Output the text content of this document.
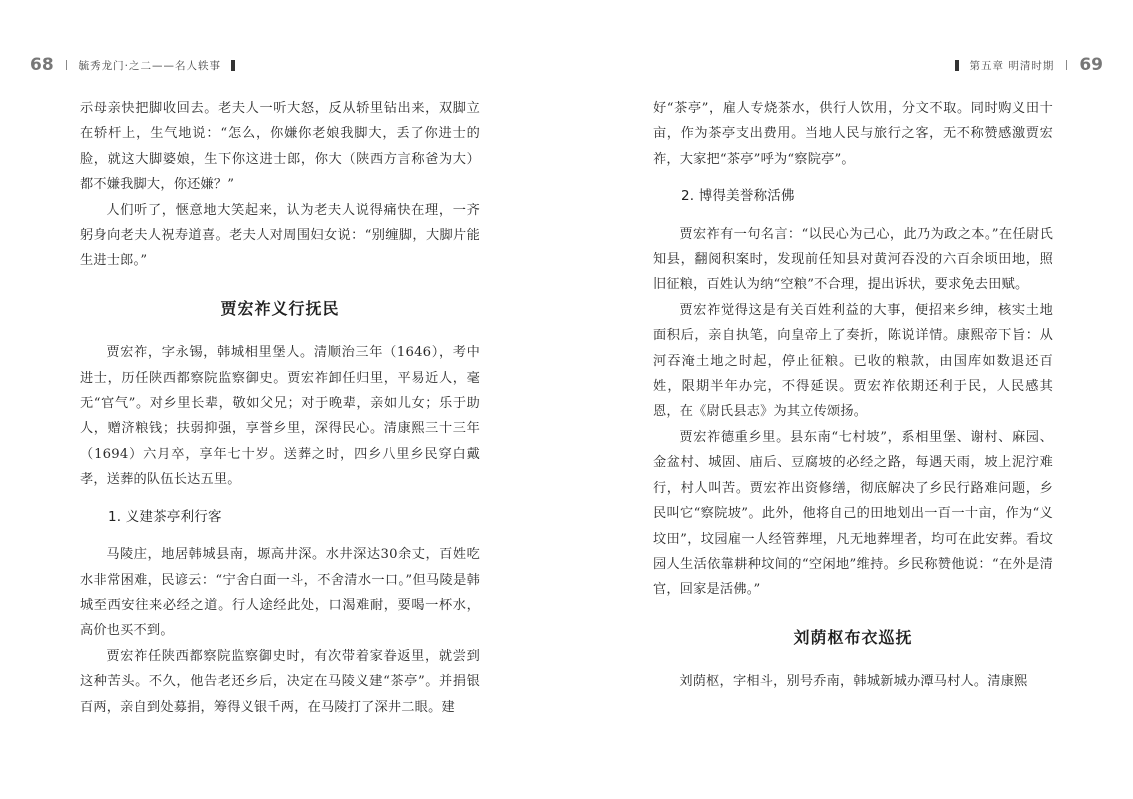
68 毓秀龙门·之二——名人轶事

示母亲快把脚收回去。老夫人一听大怒，反从轿里钻出来，双脚立在轿杆上，生气地说：“怎么，你嫌你老娘我脚大，丢了你进士的脸，就这大脚婆娘，生下你这进士郎，你大（陕西方言称爸为大）都不嫌我脚大，你还嫌？”

人们听了，惬意地大笑起来，认为老夫人说得痛快在理，一齐躬身向老夫人祝寿道喜。老夫人对周围妇女说：“别缠脚，大脚片能生进士郎。”

贾宏祚义行抚民

贾宏祚，字永锡，韩城相里堡人。清顺治三年（1646），考中进士，历任陕西都察院监察御史。贾宏祚卸任归里，平易近人，毫无“官气”。对乡里长辈，敬如父兄；对于晚辈，亲如儿女；乐于助人，赠济粮钱；扶弱抑强，享誉乡里，深得民心。清康熙三十三年（1694）六月卒，享年七十岁。送葬之时，四乡八里乡民穿白戴孝，送葬的队伍长达五里。

1. 义建茶亭利行客

马陵庄，地居韩城县南，塬高井深。水井深达30余丈，百姓吃水非常困难，民谚云：“宁舍白面一斗，不舍清水一口。”但马陵是韩城至西安往来必经之道。行人途经此处，口渴难耐，要喝一杯水，高价也买不到。

贾宏祚任陕西都察院监察御史时，有次带着家眷返里，就尝到这种苦头。不久，他告老还乡后，决定在马陵义建“茶亭”。并捐银百两，亲自到处募捐，筹得义银千两，在马陵打了深井二眼。建

第五章 明清时期 69

好“茶亭”，雇人专烧茶水，供行人饮用，分文不取。同时购义田十亩，作为茶亭支出费用。当地人民与旅行之客，无不称赞感激贾宏祚，大家把“茶亭”呼为“察院亭”。

2. 博得美誉称活佛

贾宏祚有一句名言：“以民心为己心，此乃为政之本。”在任尉氏知县，翻阅积案时，发现前任知县对黄河吞没的六百余顷田地，照旧征粮，百姓认为纳“空粮”不合理，提出诉状，要求免去田赋。

贾宏祚觉得这是有关百姓利益的大事，便招来乡绅，核实土地面积后，亲自执笔，向皇帝上了奏折，陈说详情。康熙帝下旨：从河吞淹土地之时起，停止征粮。已收的粮款，由国库如数退还百姓，限期半年办完，不得延误。贾宏祚依期还利于民，人民感其恩，在《尉氏县志》为其立传颂扬。

贾宏祚德重乡里。县东南“七村坡”，系相里堡、谢村、麻园、金盆村、城固、庙后、豆腐坡的必经之路，每遇天雨，坡上泥泞难行，村人叫苦。贾宏祚出资修缮，彻底解决了乡民行路难问题，乡民叫它“察院坡”。此外，他将自己的田地划出一百一十亩，作为“义坟田”，坟园雇一人经管葬埋，凡无地葬埋者，均可在此安葬。看坟园人生活依靠耕种坟间的“空闲地”维持。乡民称赞他说：“在外是清官，回家是活佛。”

刘荫枢布衣巡抚

刘荫枢，字相斗，别号乔南，韩城新城办潭马村人。清康熙
